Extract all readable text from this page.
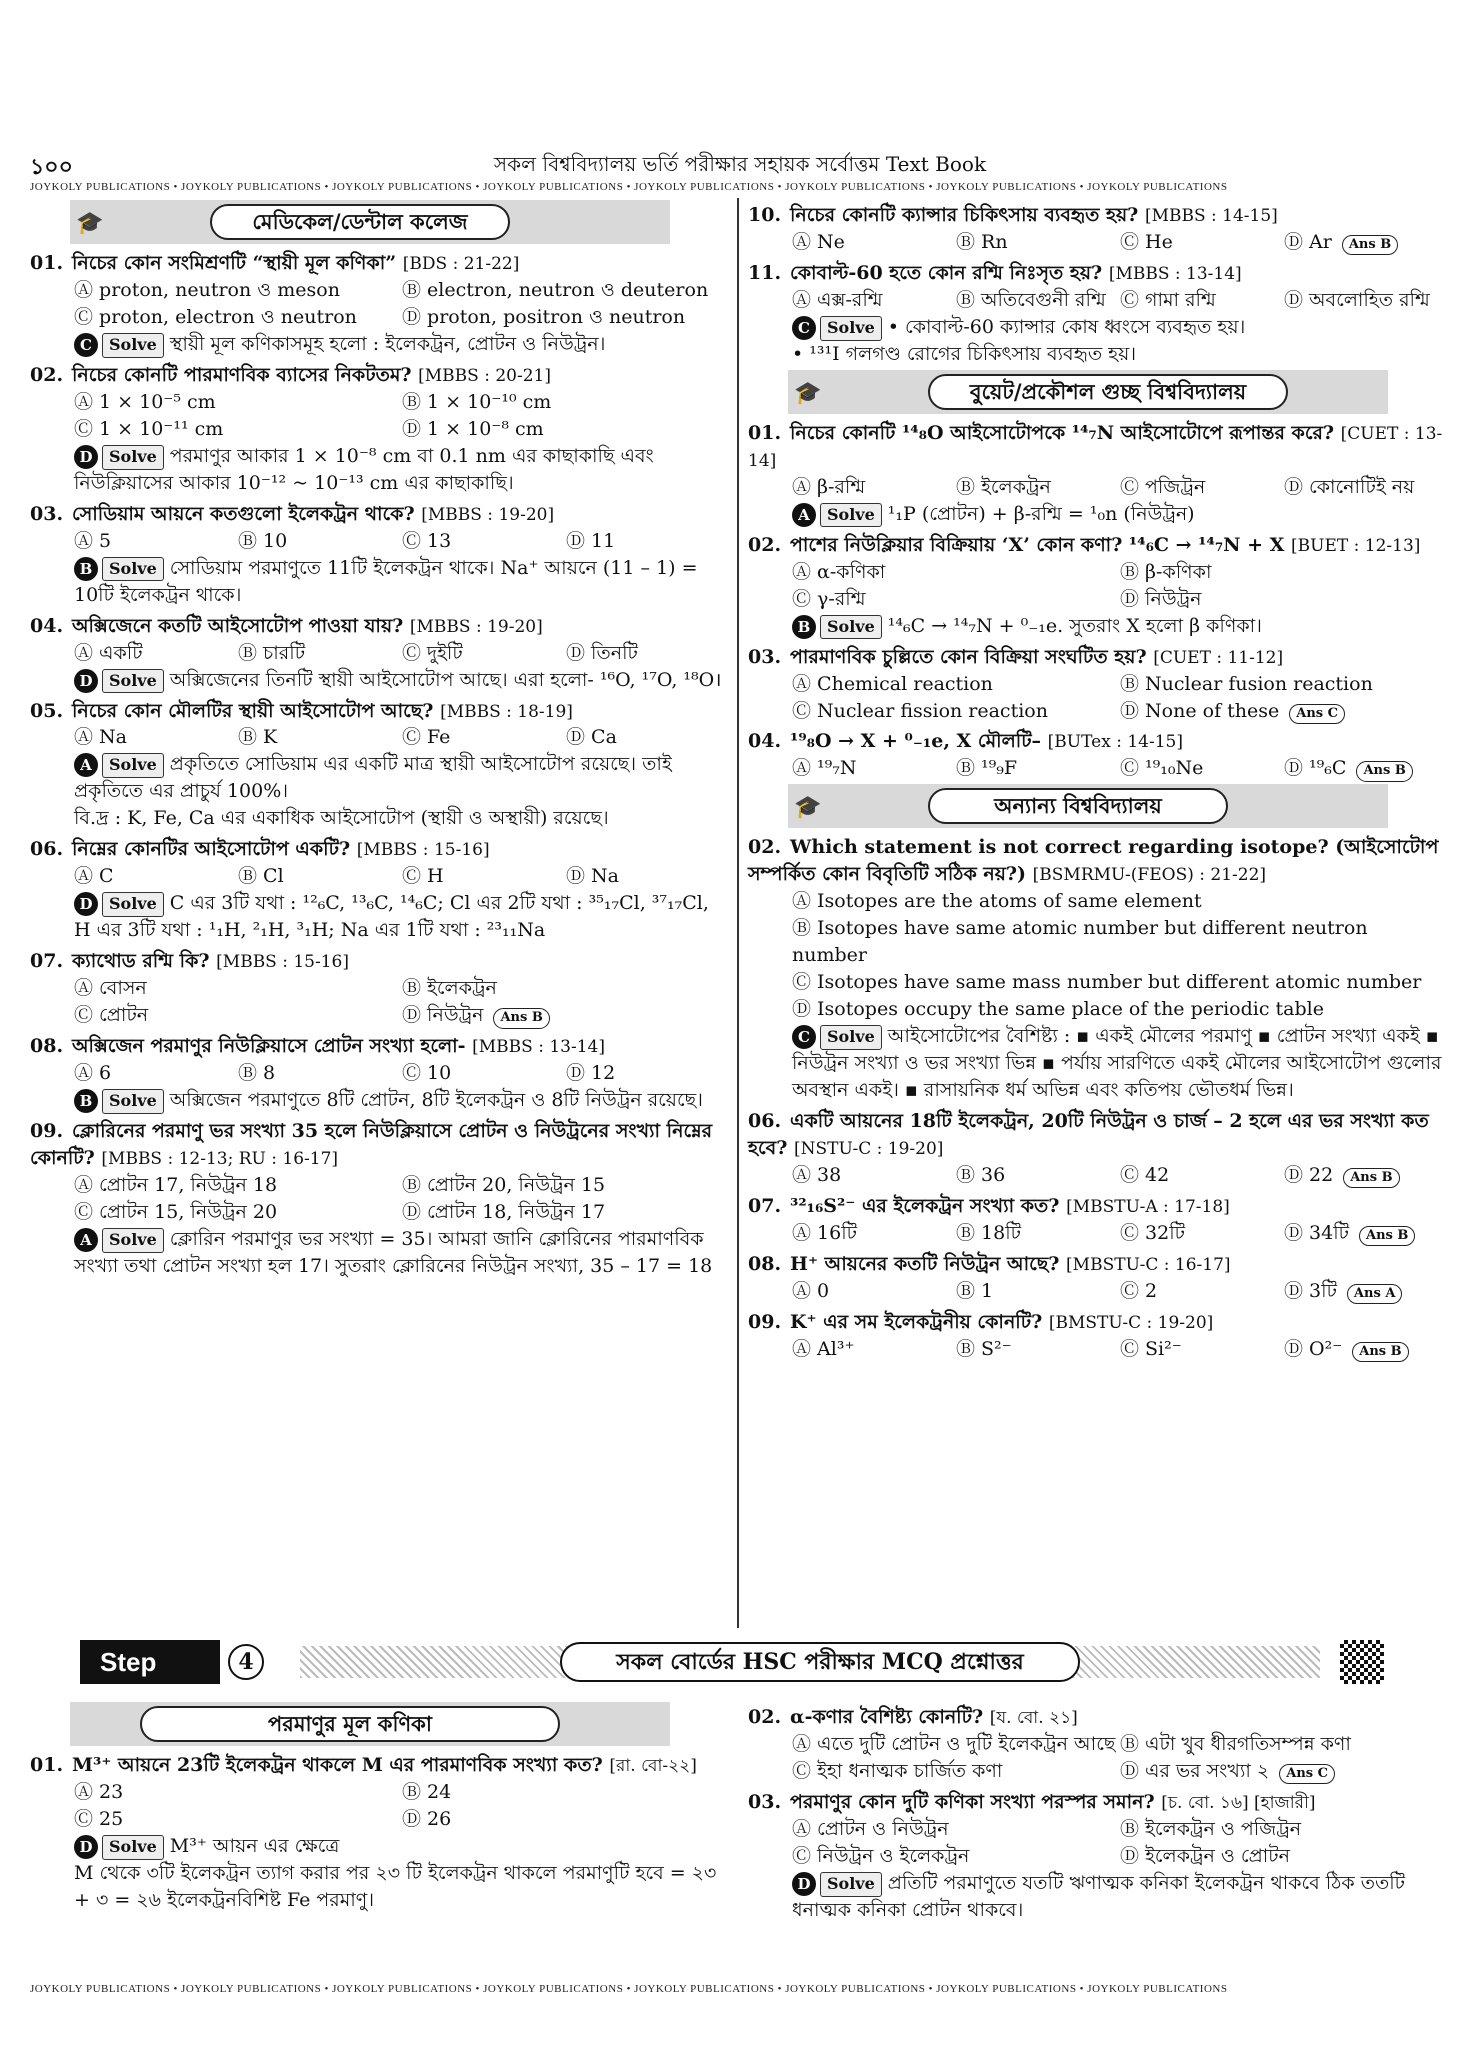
১০০	সকল বিশ্ববিদ্যালয় ভর্তি পরীক্ষার সহায়ক সর্বোত্তম Text Book
JOYKOLY PUBLICATIONS • JOYKOLY PUBLICATIONS • JOYKOLY PUBLICATIONS • JOYKOLY PUBLICATIONS • JOYKOLY PUBLICATIONS • JOYKOLY PUBLICATIONS • JOYKOLY PUBLICATIONS • JOYKOLY PUBLICATIONS
🎓	মেডিকেল/ডেন্টাল কলেজ
01. নিচের কোন সংমিশ্রণটি “স্থায়ী মূল কণিকা” [BDS : 21-22]
Ⓐ proton, neutron ও meson	Ⓑ electron, neutron ও deuteron
Ⓒ proton, electron ও neutron	Ⓓ proton, positron ও neutron
C Solve স্থায়ী মূল কণিকাসমূহ হলো : ইলেকট্রন, প্রোটন ও নিউট্রন।
02. নিচের কোনটি পারমাণবিক ব্যাসের নিকটতম? [MBBS : 20-21]
Ⓐ 1 × 10⁻⁵ cm	Ⓑ 1 × 10⁻¹⁰ cm
Ⓒ 1 × 10⁻¹¹ cm	Ⓓ 1 × 10⁻⁸ cm
D Solve পরমাণুর আকার 1 × 10⁻⁸ cm বা 0.1 nm এর কাছাকাছি এবং নিউক্লিয়াসের আকার 10⁻¹² ~ 10⁻¹³ cm এর কাছাকাছি।
03. সোডিয়াম আয়নে কতগুলো ইলেকট্রন থাকে? [MBBS : 19-20]
Ⓐ 5	Ⓑ 10	Ⓒ 13	Ⓓ 11
B Solve সোডিয়াম পরমাণুতে 11টি ইলেকট্রন থাকে। Na⁺ আয়নে (11 – 1) = 10টি ইলেকট্রন থাকে।
04. অক্সিজেনে কতটি আইসোটোপ পাওয়া যায়? [MBBS : 19-20]
Ⓐ একটি	Ⓑ চারটি	Ⓒ দুইটি	Ⓓ তিনটি
D Solve অক্সিজেনের তিনটি স্থায়ী আইসোটোপ আছে। এরা হলো- ¹⁶O, ¹⁷O, ¹⁸O।
05. নিচের কোন মৌলটির স্থায়ী আইসোটোপ আছে? [MBBS : 18-19]
Ⓐ Na	Ⓑ K	Ⓒ Fe	Ⓓ Ca
A Solve প্রকৃতিতে সোডিয়াম এর একটি মাত্র স্থায়ী আইসোটোপ রয়েছে। তাই প্রকৃতিতে এর প্রাচুর্য 100%।
বি.দ্র : K, Fe, Ca এর একাধিক আইসোটোপ (স্থায়ী ও অস্থায়ী) রয়েছে।
06. নিম্নের কোনটির আইসোটোপ একটি? [MBBS : 15-16]
Ⓐ C	Ⓑ Cl	Ⓒ H	Ⓓ Na
D Solve C এর 3টি যথা : ¹²₆C, ¹³₆C, ¹⁴₆C; Cl এর 2টি যথা : ³⁵₁₇Cl, ³⁷₁₇Cl, H এর 3টি যথা : ¹₁H, ²₁H, ³₁H; Na এর 1টি যথা : ²³₁₁Na
07. ক্যাথোড রশ্মি কি? [MBBS : 15-16]
Ⓐ বোসন	Ⓑ ইলেকট্রন
Ⓒ প্রোটন	Ⓓ নিউট্রন Ans B
08. অক্সিজেন পরমাণুর নিউক্লিয়াসে প্রোটন সংখ্যা হলো- [MBBS : 13-14]
Ⓐ 6	Ⓑ 8	Ⓒ 10	Ⓓ 12
B Solve অক্সিজেন পরমাণুতে 8টি প্রোটন, 8টি ইলেকট্রন ও 8টি নিউট্রন রয়েছে।
09. ক্লোরিনের পরমাণু ভর সংখ্যা 35 হলে নিউক্লিয়াসে প্রোটন ও নিউট্রনের সংখ্যা নিম্নের কোনটি? [MBBS : 12-13; RU : 16-17]
Ⓐ প্রোটন 17, নিউট্রন 18	Ⓑ প্রোটন 20, নিউট্রন 15
Ⓒ প্রোটন 15, নিউট্রন 20	Ⓓ প্রোটন 18, নিউট্রন 17
A Solve ক্লোরিন পরমাণুর ভর সংখ্যা = 35। আমরা জানি ক্লোরিনের পারমাণবিক সংখ্যা তথা প্রোটন সংখ্যা হল 17। সুতরাং ক্লোরিনের নিউট্রন সংখ্যা, 35 – 17 = 18
10. নিচের কোনটি ক্যান্সার চিকিৎসায় ব্যবহৃত হয়? [MBBS : 14-15]
Ⓐ Ne	Ⓑ Rn	Ⓒ He	Ⓓ Ar Ans B
11. কোবাল্ট-60 হতে কোন রশ্মি নিঃসৃত হয়? [MBBS : 13-14]
Ⓐ এক্স-রশ্মি	Ⓑ অতিবেগুনী রশ্মি Ⓒ গামা রশ্মি	Ⓓ অবলোহিত রশ্মি
C Solve • কোবাল্ট-60 ক্যান্সার কোষ ধ্বংসে ব্যবহৃত হয়।
• ¹³¹I গলগণ্ড রোগের চিকিৎসায় ব্যবহৃত হয়।
🎓	বুয়েট/প্রকৌশল গুচ্ছ বিশ্ববিদ্যালয়
01. নিচের কোনটি ¹⁴₈O আইসোটোপকে ¹⁴₇N আইসোটোপে রূপান্তর করে? [CUET : 13-14]
Ⓐ β-রশ্মি	Ⓑ ইলেকট্রন	Ⓒ পজিট্রন	Ⓓ কোনোটিই নয়
A Solve ¹₁P (প্রোটন) + β-রশ্মি = ¹₀n (নিউট্রন)
02. পাশের নিউক্লিয়ার বিক্রিয়ায় ‘X’ কোন কণা? ¹⁴₆C → ¹⁴₇N + X [BUET : 12-13]
Ⓐ α-কণিকা	Ⓑ β-কণিকা
Ⓒ γ-রশ্মি	Ⓓ নিউট্রন
B Solve ¹⁴₆C → ¹⁴₇N + ⁰₋₁e. সুতরাং X হলো β কণিকা।
03. পারমাণবিক চুল্লিতে কোন বিক্রিয়া সংঘটিত হয়? [CUET : 11-12]
Ⓐ Chemical reaction	Ⓑ Nuclear fusion reaction
Ⓒ Nuclear fission reaction	Ⓓ None of these Ans C
04. ¹⁹₈O → X + ⁰₋₁e, X মৌলটি– [BUTex : 14-15]
Ⓐ ¹⁹₇N	Ⓑ ¹⁹₉F	Ⓒ ¹⁹₁₀Ne	Ⓓ ¹⁹₆C Ans B
🎓	অন্যান্য বিশ্ববিদ্যালয়
02. Which statement is not correct regarding isotope? (আইসোটোপ সম্পর্কিত কোন বিবৃতিটি সঠিক নয়?) [BSMRMU-(FEOS) : 21-22]
Ⓐ Isotopes are the atoms of same element
Ⓑ Isotopes have same atomic number but different neutron number
Ⓒ Isotopes have same mass number but different atomic number
Ⓓ Isotopes occupy the same place of the periodic table
C Solve আইসোটোপের বৈশিষ্ট্য : ▪ একই মৌলের পরমাণু ▪ প্রোটন সংখ্যা একই ▪ নিউট্রন সংখ্যা ও ভর সংখ্যা ভিন্ন ▪ পর্যায় সারণিতে একই মৌলের আইসোটোপ গুলোর অবস্থান একই। ▪ রাসায়নিক ধর্ম অভিন্ন এবং কতিপয় ভৌতধর্ম ভিন্ন।
06. একটি আয়নের 18টি ইলেকট্রন, 20টি নিউট্রন ও চার্জ – 2 হলে এর ভর সংখ্যা কত হবে? [NSTU-C : 19-20]
Ⓐ 38	Ⓑ 36	Ⓒ 42	Ⓓ 22 Ans B
07. ³²₁₆S²⁻ এর ইলেকট্রন সংখ্যা কত? [MBSTU-A : 17-18]
Ⓐ 16টি	Ⓑ 18টি	Ⓒ 32টি	Ⓓ 34টি Ans B
08. H⁺ আয়নের কতটি নিউট্রন আছে? [MBSTU-C : 16-17]
Ⓐ 0	Ⓑ 1	Ⓒ 2	Ⓓ 3টি Ans A
09. K⁺ এর সম ইলেকট্রনীয় কোনটি? [BMSTU-C : 19-20]
Ⓐ Al³⁺	Ⓑ S²⁻	Ⓒ Si²⁻	Ⓓ O²⁻ Ans B
Step	4	সকল বোর্ডের HSC পরীক্ষার MCQ প্রশ্নোত্তর
পরমাণুর মূল কণিকা
01. M³⁺ আয়নে 23টি ইলেকট্রন থাকলে M এর পারমাণবিক সংখ্যা কত? [রা. বো-২২]
Ⓐ 23	Ⓑ 24
Ⓒ 25	Ⓓ 26
D Solve M³⁺ আয়ন এর ক্ষেত্রে
M থেকে ৩টি ইলেকট্রন ত্যাগ করার পর ২৩ টি ইলেকট্রন থাকলে পরমাণুটি হবে = ২৩ + ৩ = ২৬ ইলেকট্রনবিশিষ্ট Fe পরমাণু।
02. α-কণার বৈশিষ্ট্য কোনটি? [য. বো. ২১]
Ⓐ এতে দুটি প্রোটন ও দুটি ইলেকট্রন আছে Ⓑ এটা খুব ধীরগতিসম্পন্ন কণা
Ⓒ ইহা ধনাত্মক চার্জিত কণা	Ⓓ এর ভর সংখ্যা ২ Ans C
03. পরমাণুর কোন দুটি কণিকা সংখ্যা পরস্পর সমান? [চ. বো. ১৬] [হাজারী]
Ⓐ প্রোটন ও নিউট্রন	Ⓑ ইলেকট্রন ও পজিট্রন
Ⓒ নিউট্রন ও ইলেকট্রন	Ⓓ ইলেকট্রন ও প্রোটন
D Solve প্রতিটি পরমাণুতে যতটি ঋণাত্মক কনিকা ইলেকট্রন থাকবে ঠিক ততটি ধনাত্মক কনিকা প্রোটন থাকবে।
JOYKOLY PUBLICATIONS • JOYKOLY PUBLICATIONS • JOYKOLY PUBLICATIONS • JOYKOLY PUBLICATIONS • JOYKOLY PUBLICATIONS • JOYKOLY PUBLICATIONS • JOYKOLY PUBLICATIONS • JOYKOLY PUBLICATIONS
